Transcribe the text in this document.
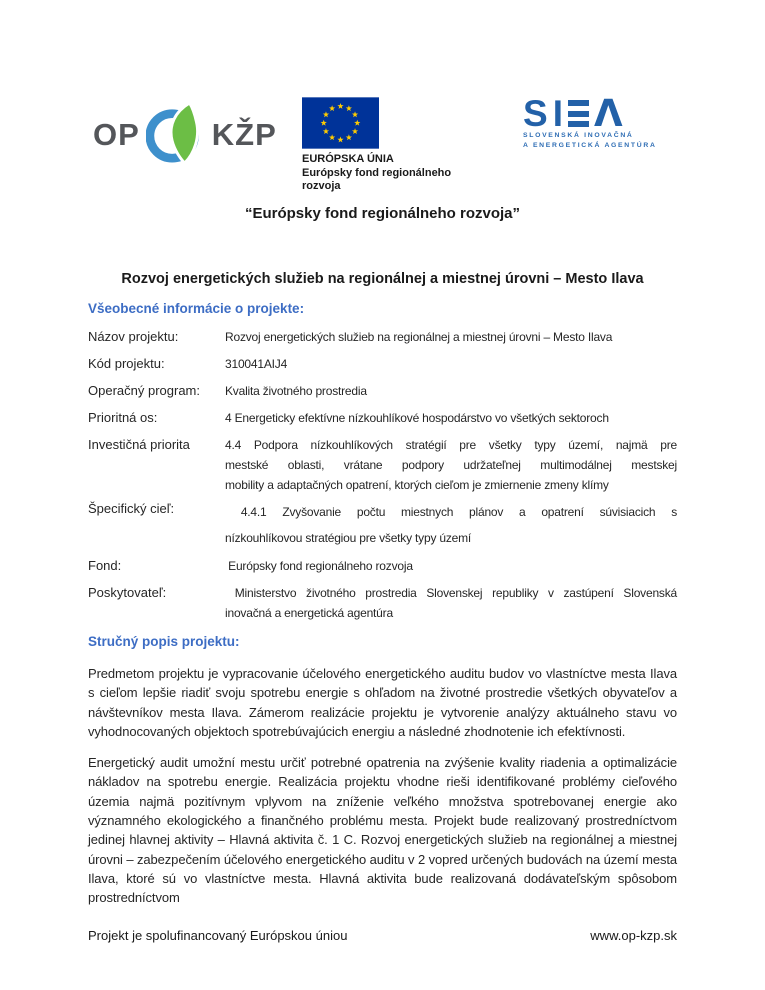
OP KŽP
EURÓPSKA ÚNIA
Európsky fond regionálneho
rozvoja
S I Λ
SLOVENSKÁ INOVAČNÁ
A ENERGETICKÁ AGENTÚRA
“Európsky fond regionálneho rozvoja”
Rozvoj energetických služieb na regionálnej a miestnej úrovni – Mesto Ilava
Všeobecné informácie o projekte:
Názov projektu:	Rozvoj energetických služieb na regionálnej a miestnej úrovni – Mesto Ilava
Kód projektu:	310041AIJ4
Operačný program:	Kvalita životného prostredia
Prioritná os:	4 Energeticky efektívne nízkouhlíkové hospodárstvo vo všetkých sektoroch
Investičná priorita	4.4 Podpora nízkouhlíkových stratégií pre všetky typy území, najmä pre
mestské oblasti, vrátane podpory udržateľnej multimodálnej mestskej
mobility a adaptačných opatrení, ktorých cieľom je zmiernenie zmeny klímy
Špecifický cieľ:	4.4.1 Zvyšovanie počtu miestnych plánov a opatrení súvisiacich s
nízkouhlíkovou stratégiou pre všetky typy území
Fond:	Európsky fond regionálneho rozvoja
Poskytovateľ:	Ministerstvo životného prostredia Slovenskej republiky v zastúpení Slovenská
inovačná a energetická agentúra
Stručný popis projektu:

Predmetom projektu je vypracovanie účelového energetického auditu budov vo vlastníctve mesta Ilava s cieľom lepšie riadiť svoju spotrebu energie s ohľadom na životné prostredie všetkých obyvateľov a návštevníkov mesta Ilava. Zámerom realizácie projektu je vytvorenie analýzy aktuálneho stavu vo vyhodnocovaných objektoch spotrebúvajúcich energiu a následné zhodnotenie ich efektívnosti.

Energetický audit umožní mestu určiť potrebné opatrenia na zvýšenie kvality riadenia a optimalizácie nákladov na spotrebu energie. Realizácia projektu vhodne rieši identifikované problémy cieľového územia najmä pozitívnym vplyvom na zníženie veľkého množstva spotrebovanej energie ako významného ekologického a finančného problému mesta. Projekt bude realizovaný prostredníctvom jedinej hlavnej aktivity – Hlavná aktivita č. 1 C. Rozvoj energetických služieb na regionálnej a miestnej úrovni – zabezpečením účelového energetického auditu v 2 vopred určených budovách na území mesta Ilava, ktoré sú vo vlastníctve mesta. Hlavná aktivita bude realizovaná dodávateľským spôsobom prostredníctvom

Projekt je spolufinancovaný Európskou úniou	www.op-kzp.sk
